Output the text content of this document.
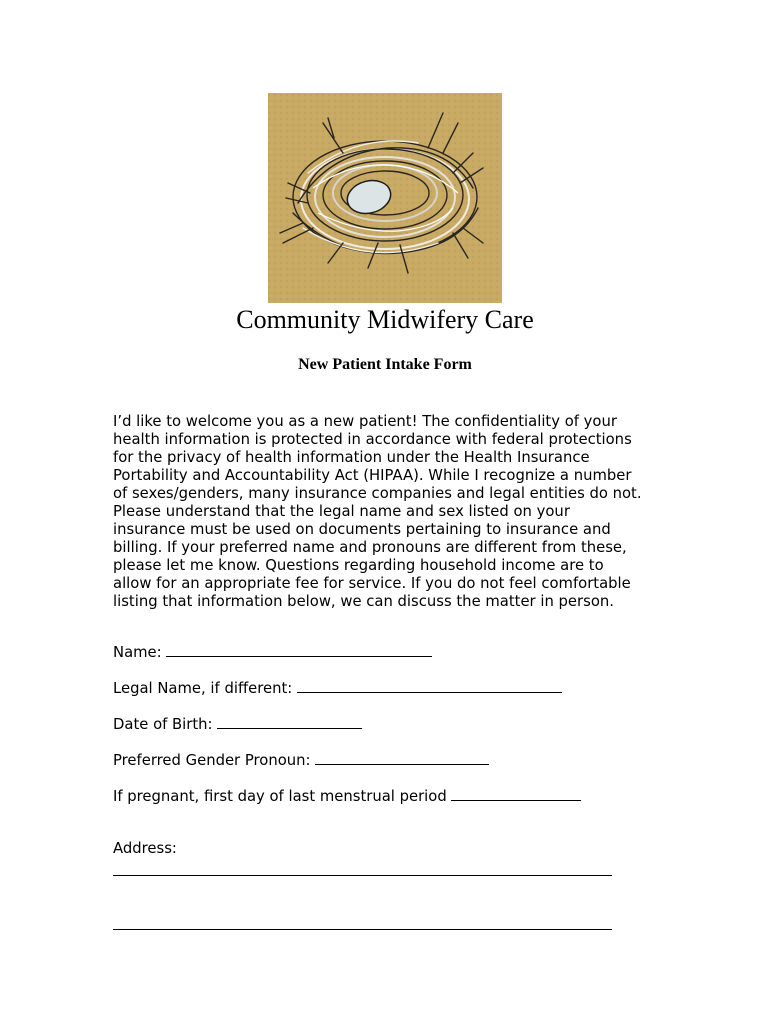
Community Midwifery Care
New Patient Intake Form
I’d like to welcome you as a new patient! The confidentiality of your
health information is protected in accordance with federal protections
for the privacy of health information under the Health Insurance
Portability and Accountability Act (HIPAA). While I recognize a number
of sexes/genders, many insurance companies and legal entities do not.
Please understand that the legal name and sex listed on your
insurance must be used on documents pertaining to insurance and
billing. If your preferred name and pronouns are different from these,
please let me know. Questions regarding household income are to
allow for an appropriate fee for service. If you do not feel comfortable
listing that information below, we can discuss the matter in person.
Name:
Legal Name, if different:
Date of Birth:
Preferred Gender Pronoun:
If pregnant, first day of last menstrual period
Address:
